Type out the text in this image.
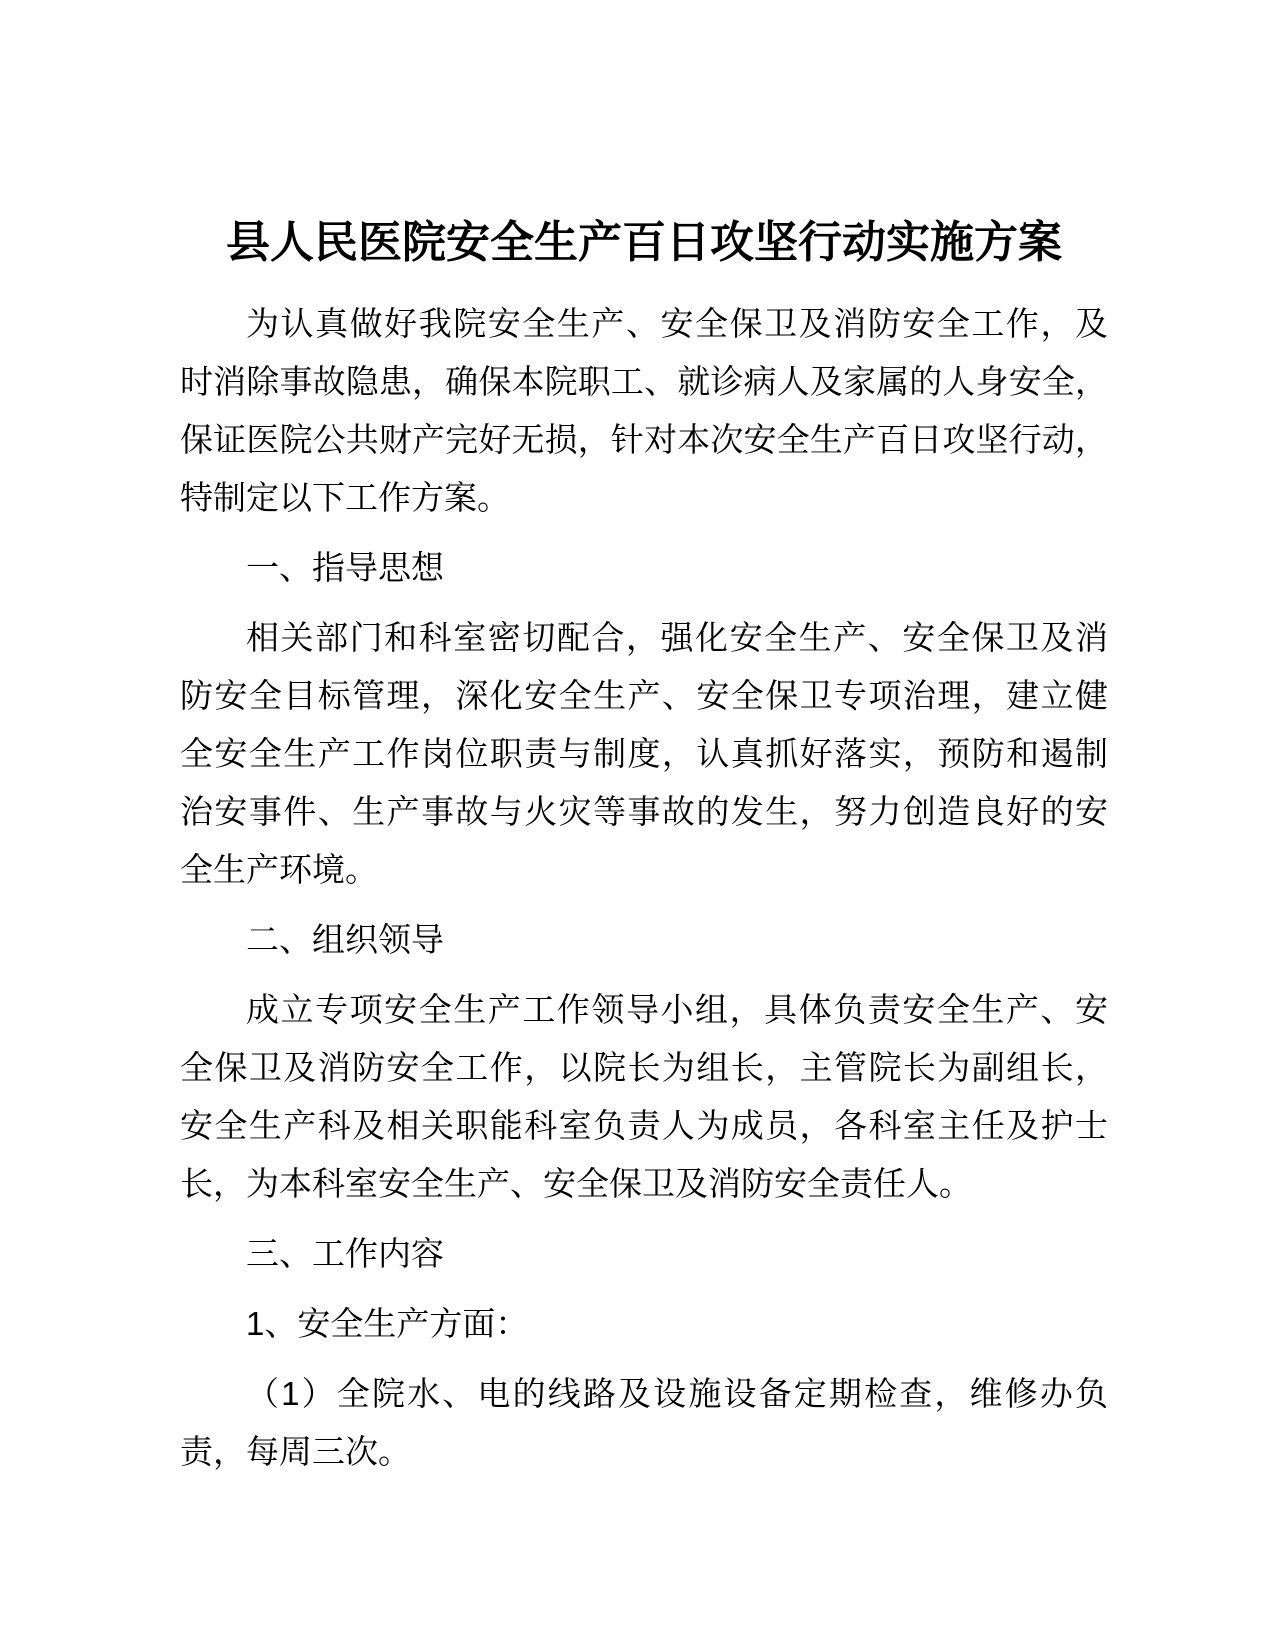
县人民医院安全生产百日攻坚行动实施方案
为认真做好我院安全生产、安全保卫及消防安全工作，及
时消除事故隐患，确保本院职工、就诊病人及家属的人身安全，
保证医院公共财产完好无损，针对本次安全生产百日攻坚行动，
特制定以下工作方案。
一、指导思想
相关部门和科室密切配合，强化安全生产、安全保卫及消
防安全目标管理，深化安全生产、安全保卫专项治理，建立健
全安全生产工作岗位职责与制度，认真抓好落实，预防和遏制
治安事件、生产事故与火灾等事故的发生，努力创造良好的安
全生产环境。
二、组织领导
成立专项安全生产工作领导小组，具体负责安全生产、安
全保卫及消防安全工作，以院长为组长，主管院长为副组长，
安全生产科及相关职能科室负责人为成员，各科室主任及护士
长，为本科室安全生产、安全保卫及消防安全责任人。
三、工作内容
1、安全生产方面：
（1）全院水、电的线路及设施设备定期检查，维修办负
责，每周三次。
